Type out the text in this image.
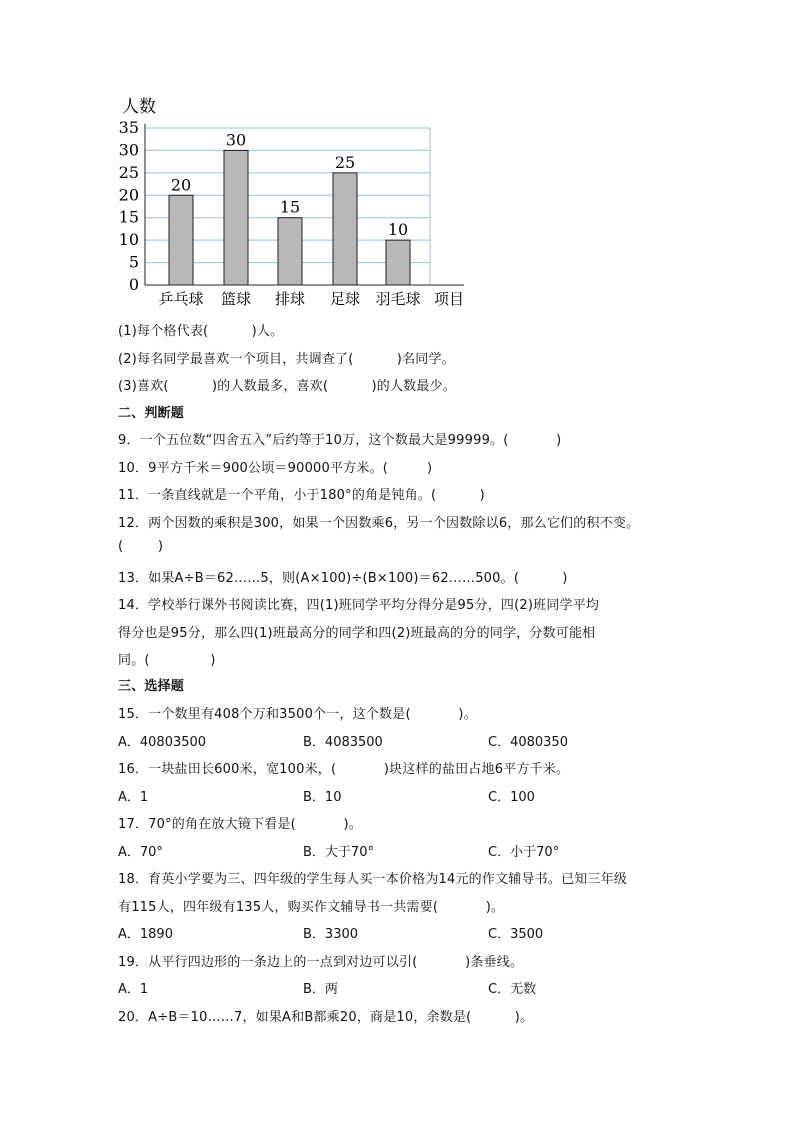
20
30
15
25
10
0
5
10
15
20
25
30
35
乒乓球 篮球 排球 足球 羽毛球
人数
项目
(1)每个格代表(          )人。
(2)每名同学最喜欢一个项目，共调查了(          )名同学。
(3)喜欢(          )的人数最多，喜欢(          )的人数最少。
二、判断题
9．一个五位数“四舍五入”后约等于10万，这个数最大是99999。(           )
10．9平方千米＝900公顷＝90000平方米。(         )
11．一条直线就是一个平角，小于180°的角是钝角。(          )
12．两个因数的乘积是300，如果一个因数乘6，另一个因数除以6，那么它们的积不变。
(        )
13．如果A÷B＝62……5，则(A×100)÷(B×100)＝62……500。(          )
14．学校举行课外书阅读比赛，四(1)班同学平均分得分是95分，四(2)班同学平均
得分也是95分，那么四(1)班最高分的同学和四(2)班最高的分的同学，分数可能相
同。(              )
三、选择题
15．一个数里有408个万和3500个一，这个数是(           )。
A．40803500	B．4083500	C．4080350
16．一块盐田长600米，宽100米，(           )块这样的盐田占地6平方千米。
A．1	B．10	C．100
17．70°的角在放大镜下看是(           )。
A．70°	B．大于70°	C．小于70°
18．育英小学要为三、四年级的学生每人买一本价格为14元的作文辅导书。已知三年级
有115人，四年级有135人，购买作文辅导书一共需要(           )。
A．1890	B．3300	C．3500
19．从平行四边形的一条边上的一点到对边可以引(           )条垂线。
A．1	B．两	C．无数
20．A÷B＝10……7，如果A和B都乘20，商是10，余数是(          )。
